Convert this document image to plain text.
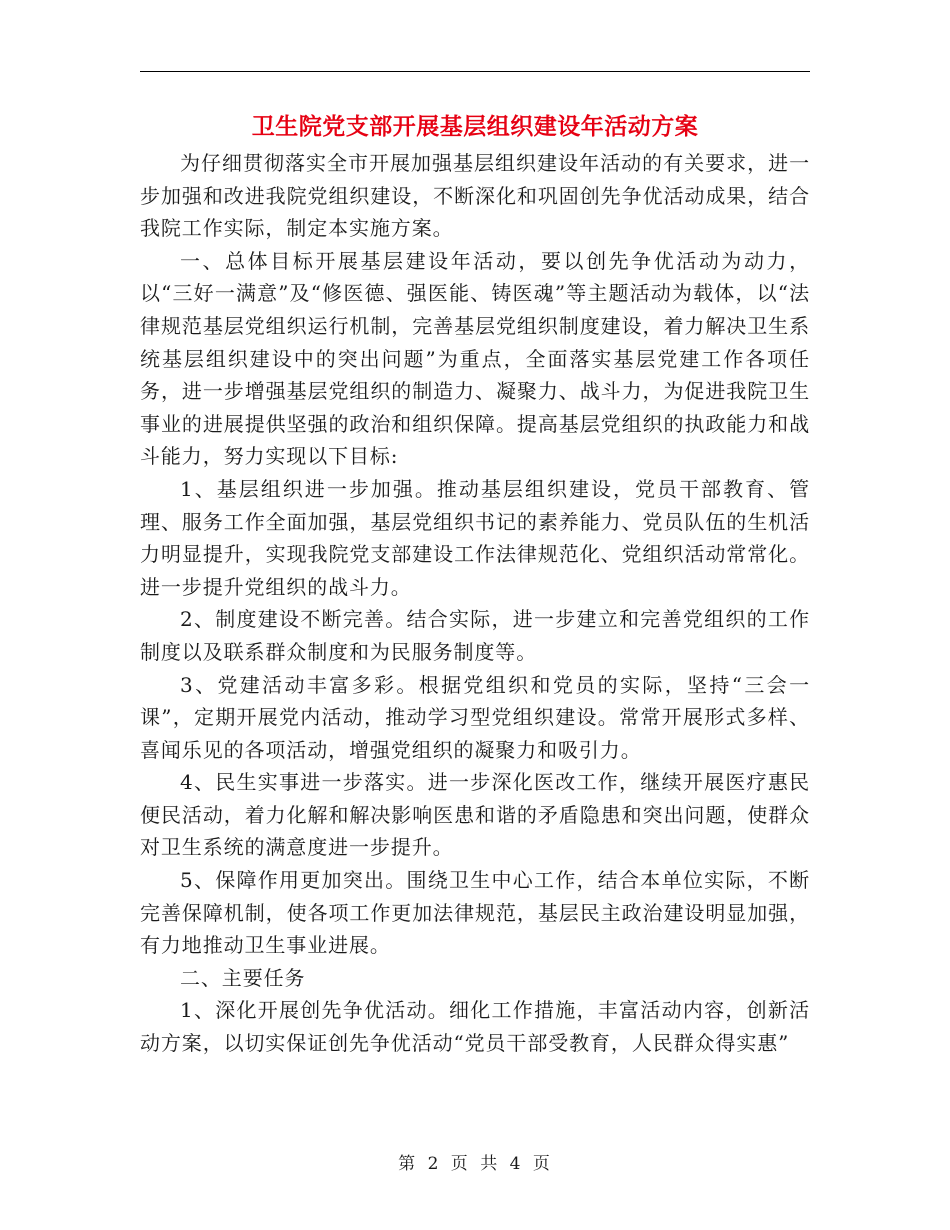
卫生院党支部开展基层组织建设年活动方案

为仔细贯彻落实全市开展加强基层组织建设年活动的有关要求，进一步加强和改进我院党组织建设，不断深化和巩固创先争优活动成果，结合我院工作实际，制定本实施方案。

一、总体目标开展基层建设年活动，要以创先争优活动为动力，以“三好一满意”及“修医德、强医能、铸医魂”等主题活动为载体，以“法律规范基层党组织运行机制，完善基层党组织制度建设，着力解决卫生系统基层组织建设中的突出问题”为重点，全面落实基层党建工作各项任务，进一步增强基层党组织的制造力、凝聚力、战斗力，为促进我院卫生事业的进展提供坚强的政治和组织保障。提高基层党组织的执政能力和战斗能力，努力实现以下目标:

1、基层组织进一步加强。推动基层组织建设，党员干部教育、管理、服务工作全面加强，基层党组织书记的素养能力、党员队伍的生机活力明显提升，实现我院党支部建设工作法律规范化、党组织活动常常化。进一步提升党组织的战斗力。

2、制度建设不断完善。结合实际，进一步建立和完善党组织的工作制度以及联系群众制度和为民服务制度等。

3、党建活动丰富多彩。根据党组织和党员的实际，坚持“三会一课”，定期开展党内活动，推动学习型党组织建设。常常开展形式多样、喜闻乐见的各项活动，增强党组织的凝聚力和吸引力。

4、民生实事进一步落实。进一步深化医改工作，继续开展医疗惠民便民活动，着力化解和解决影响医患和谐的矛盾隐患和突出问题，使群众对卫生系统的满意度进一步提升。

5、保障作用更加突出。围绕卫生中心工作，结合本单位实际，不断完善保障机制，使各项工作更加法律规范，基层民主政治建设明显加强，有力地推动卫生事业进展。

二、主要任务

1、深化开展创先争优活动。细化工作措施，丰富活动内容，创新活动方案，以切实保证创先争优活动“党员干部受教育，人民群众得实惠”

第 2 页 共 4 页
